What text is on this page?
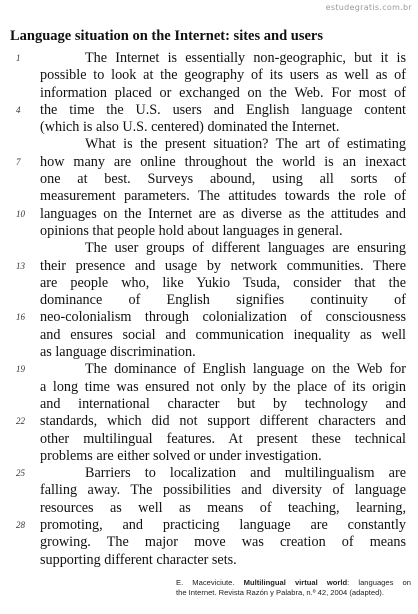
estudegratis.com.br
Language situation on the Internet: sites and users
1	The Internet is essentially non-geographic, but it is
possible to look at the geography of its users as well as of
information placed or exchanged on the Web. For most of
4	the time the U.S. users and English language content
(which is also U.S. centered) dominated the Internet.
What is the present situation? The art of estimating
7	how many are online throughout the world is an inexact
one at best. Surveys abound, using all sorts of
measurement parameters. The attitudes towards the role of
10 languages on the Internet are as diverse as the attitudes and
opinions that people hold about languages in general.
The user groups of different languages are ensuring
13 their presence and usage by network communities. There
are people who, like Yukio Tsuda, consider that the
dominance of English signifies continuity of
16 neo-colonialism through colonialization of consciousness
and ensures social and communication inequality as well
as language discrimination.
19	The dominance of English language on the Web for
a long time was ensured not only by the place of its origin
and international character but by technology and
22 standards, which did not support different characters and
other multilingual features. At present these technical
problems are either solved or under investigation.
25	Barriers to localization and multilingualism are
falling away. The possibilities and diversity of language
resources as well as means of teaching, learning,
28 promoting, and practicing language are constantly
growing. The major move was creation of means
supporting different character sets.
E. Maceviciute. Multilingual virtual world: languages on
the Internet. Revista Razón y Palabra, n.º 42, 2004 (adapted).
